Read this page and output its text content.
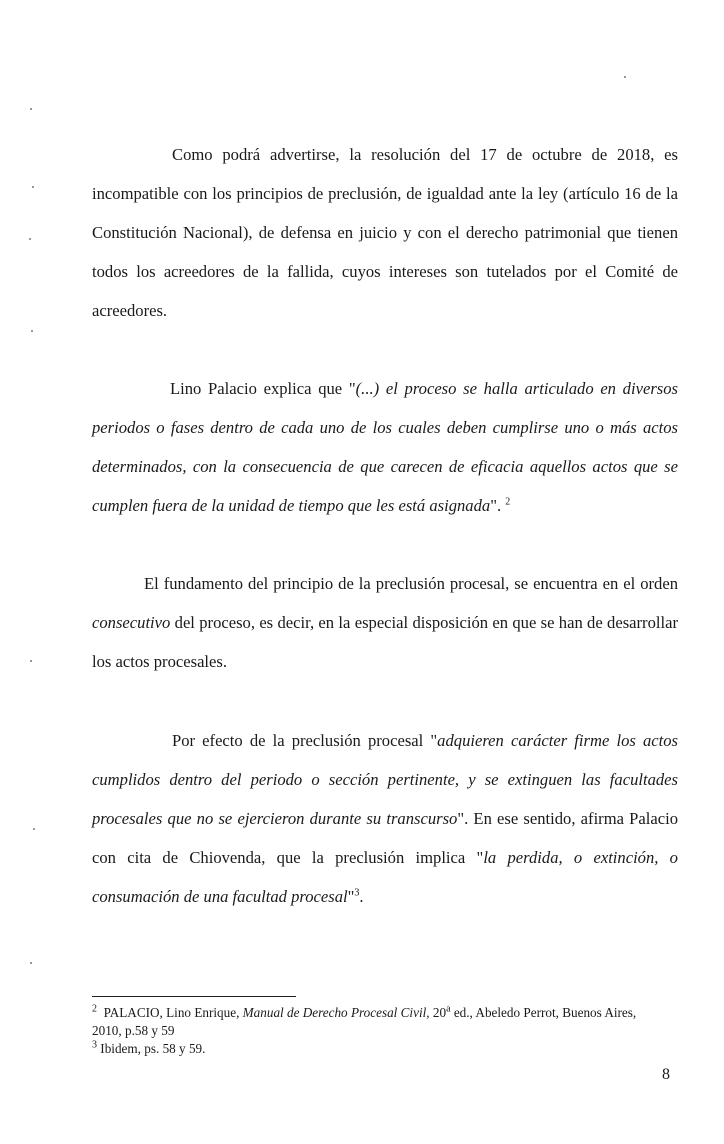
Como podrá advertirse, la resolución del 17 de octubre de 2018, es incompatible con los principios de preclusión, de igualdad ante la ley (artículo 16 de la Constitución Nacional), de defensa en juicio y con el derecho patrimonial que tienen todos los acreedores de la fallida, cuyos intereses son tutelados por el Comité de acreedores.

Lino Palacio explica que "(...) el proceso se halla articulado en diversos periodos o fases dentro de cada uno de los cuales deben cumplirse uno o más actos determinados, con la consecuencia de que carecen de eficacia aquellos actos que se cumplen fuera de la unidad de tiempo que les está asignada". $^2$

El fundamento del principio de la preclusión procesal, se encuentra en el orden consecutivo del proceso, es decir, en la especial disposición en que se han de desarrollar los actos procesales.

Por efecto de la preclusión procesal "adquieren carácter firme los actos cumplidos dentro del periodo o sección pertinente, y se extinguen las facultades procesales que no se ejercieron durante su transcurso". En ese sentido, afirma Palacio con cita de Chiovenda, que la preclusión implica "la perdida, o extinción, o consumación de una facultad procesal"$^3$.

$^2$ PALACIO, Lino Enrique, Manual de Derecho Procesal Civil, 20$^a$ ed., Abeledo Perrot, Buenos Aires, 2010, p.58 y 59

$^3$ Ibidem, ps. 58 y 59.

8
